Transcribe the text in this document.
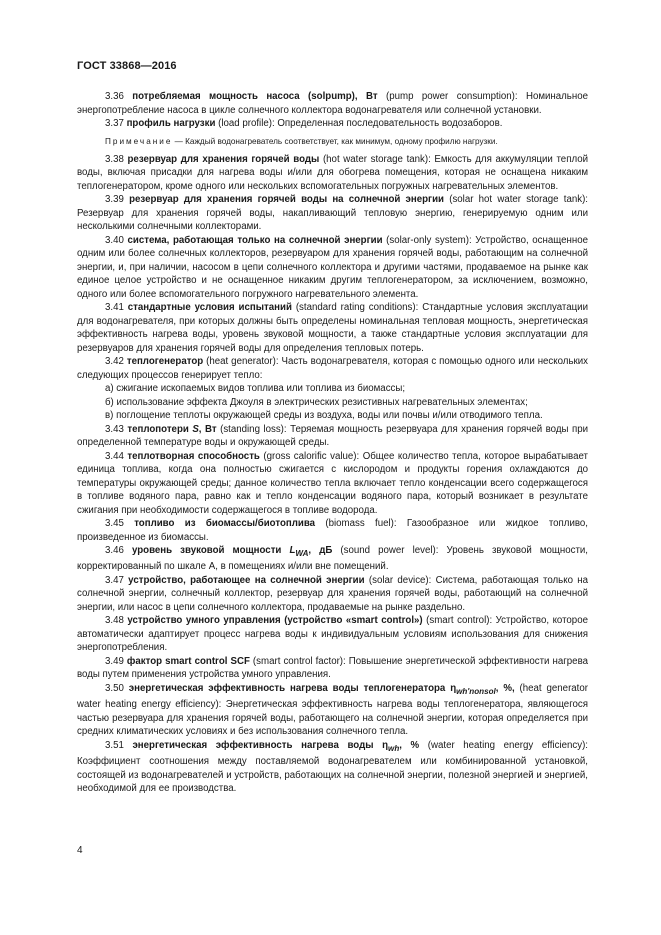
ГОСТ 33868—2016

3.36 потребляемая мощность насоса (solpump), Вт (pump power consumption): Номинальное энергопотребление насоса в цикле солнечного коллектора водонагревателя или солнечной установки.

3.37 профиль нагрузки (load profile): Определенная последовательность водозаборов.

Примечание — Каждый водонагреватель соответствует, как минимум, одному профилю нагрузки.

3.38 резервуар для хранения горячей воды (hot water storage tank): Емкость для аккумуляции теплой воды, включая присадки для нагрева воды и/или для обогрева помещения, которая не оснащена никаким теплогенератором, кроме одного или нескольких вспомогательных погружных нагревательных элементов.

3.39 резервуар для хранения горячей воды на солнечной энергии (solar hot water storage tank): Резервуар для хранения горячей воды, накапливающий тепловую энергию, генерируемую одним или несколькими солнечными коллекторами.

3.40 система, работающая только на солнечной энергии (solar-only system): Устройство, оснащенное одним или более солнечных коллекторов, резервуаром для хранения горячей воды, работающим на солнечной энергии, и, при наличии, насосом в цепи солнечного коллектора и другими частями, продаваемое на рынке как единое целое устройство и не оснащенное никаким другим теплогенератором, за исключением, возможно, одного или более вспомогательного погружного нагревательного элемента.

3.41 стандартные условия испытаний (standard rating conditions): Стандартные условия эксплуатации для водонагревателя, при которых должны быть определены номинальная тепловая мощность, энергетическая эффективность нагрева воды, уровень звуковой мощности, а также стандартные условия эксплуатации для резервуаров для хранения горячей воды для определения тепловых потерь.

3.42 теплогенератор (heat generator): Часть водонагревателя, которая с помощью одного или нескольких следующих процессов генерирует тепло:

а) сжигание ископаемых видов топлива или топлива из биомассы;

б) использование эффекта Джоуля в электрических резистивных нагревательных элементах;

в) поглощение теплоты окружающей среды из воздуха, воды или почвы и/или отводимого тепла.

3.43 теплопотери S, Вт (standing loss): Теряемая мощность резервуара для хранения горячей воды при определенной температуре воды и окружающей среды.

3.44 теплотворная способность (gross calorific value): Общее количество тепла, которое вырабатывает единица топлива, когда она полностью сжигается с кислородом и продукты горения охлаждаются до температуры окружающей среды; данное количество тепла включает тепло конденсации всего содержащегося в топливе водяного пара, равно как и тепло конденсации водяного пара, который возникает в результате сжигания при необходимости содержащегося в топливе водорода.

3.45 топливо из биомассы/биотоплива (biomass fuel): Газообразное или жидкое топливо, произведенное из биомассы.

3.46 уровень звуковой мощности $L_{WA}$, дБ (sound power level): Уровень звуковой мощности, корректированный по шкале А, в помещениях и/или вне помещений.

3.47 устройство, работающее на солнечной энергии (solar device): Система, работающая только на солнечной энергии, солнечный коллектор, резервуар для хранения горячей воды, работающий на солнечной энергии, или насос в цепи солнечного коллектора, продаваемые на рынке раздельно.

3.48 устройство умного управления (устройство «smart control») (smart control): Устройство, которое автоматически адаптирует процесс нагрева воды к индивидуальным условиям использования для снижения энергопотребления.

3.49 фактор smart control SCF (smart control factor): Повышение энергетической эффективности нагрева воды путем применения устройства умного управления.

3.50 энергетическая эффективность нагрева воды теплогенератора $\eta_{wh'nonsol}$, %, (heat generator water heating energy efficiency): Энергетическая эффективность нагрева воды теплогенератора, являющегося частью резервуара для хранения горячей воды, работающего на солнечной энергии, которая определяется при средних климатических условиях и без использования солнечного тепла.

3.51 энергетическая эффективность нагрева воды $\eta_{wh}$, % (water heating energy efficiency): Коэффициент соотношения между поставляемой водонагревателем или комбинированной установкой, состоящей из водонагревателей и устройств, работающих на солнечной энергии, полезной энергией и энергией, необходимой для ее производства.

4
